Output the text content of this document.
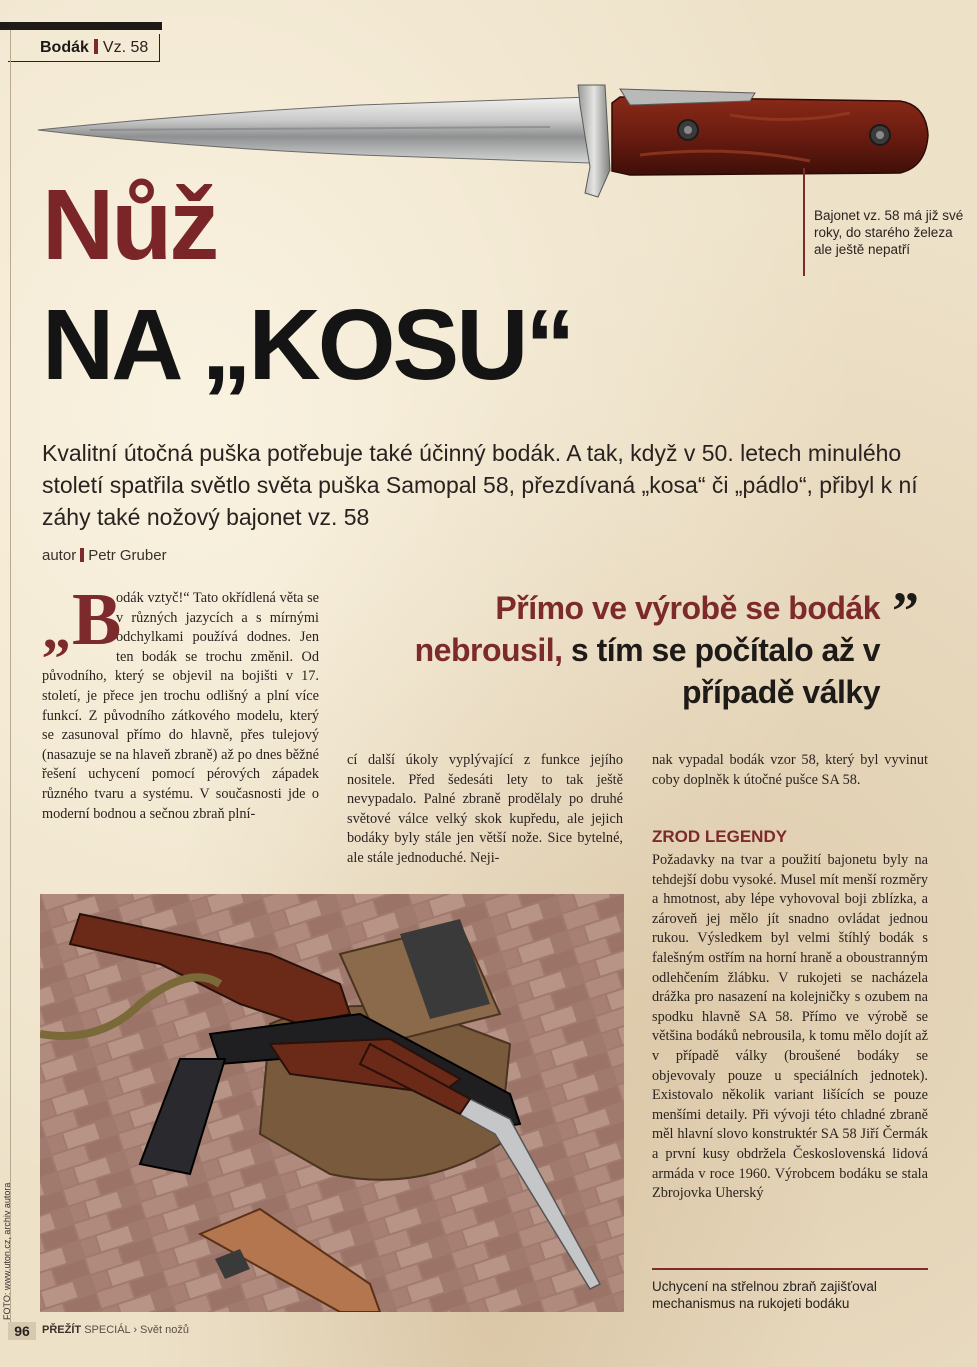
Bodák Vz. 58
Bajonet vz. 58 má již své roky, do starého železa ale ještě nepatří
Nůž
NA „KOSU“
Kvalitní útočná puška potřebuje také účinný bodák. A tak, když v 50. letech minulého století spatřila světlo světa puška Samopal 58, přezdívaná „kosa“ či „pádlo“, přibyl k ní záhy také nožový bajonet vz. 58
autor Petr Gruber
„ B

odák vztyč!“ Tato okřídlená věta se v různých jazycích a s mírnými odchylkami používá dodnes. Jen ten bodák se trochu změnil. Od původního, který se objevil na bojišti v 17. století, je přece jen trochu odlišný a plní více funkcí. Z původního zátkového modelu, který se zasunoval přímo do hlavně, přes tulejový (nasazuje se na hlaveň zbraně) až po dnes běžné řešení uchycení pomocí pérových západek různého tvaru a systému. V současnosti jde o moderní bodnou a sečnou zbraň plní-

Přímo ve výrobě se bodák
nebrousil, s tím se počítalo až v případě války
”

cí další úkoly vyplývající z funkce jejího nositele. Před šedesáti lety to tak ještě nevypadalo. Palné zbraně prodělaly po druhé světové válce velký skok kupředu, ale jejich bodáky byly stále jen větší nože. Sice bytelné, ale stále jednoduché. Neji-

nak vypadal bodák vzor 58, který byl vyvinut coby doplněk k útočné pušce SA 58.

ZROD LEGENDY

Požadavky na tvar a použití bajonetu byly na tehdejší dobu vysoké. Musel mít menší rozměry a hmotnost, aby lépe vyhovoval boji zblízka, a zároveň jej mělo jít snadno ovládat jednou rukou. Výsledkem byl velmi štíhlý bodák s falešným ostřím na horní hraně a oboustranným odlehčením žlábku. V rukojeti se nacházela drážka pro nasazení na kolejničky s ozubem na spodku hlavně SA 58. Přímo ve výrobě se většina bodáků nebrousila, k tomu mělo dojít až v případě války (broušené bodáky se objevovaly pouze u speciálních jednotek). Existovalo několik variant lišících se pouze menšími detaily. Při vývoji této chladné zbraně měl hlavní slovo konstruktér SA 58 Jiří Čermák a první kusy obdržela Československá lidová armáda v roce 1960. Výrobcem bodáku se stala Zbrojovka Uherský

Uchycení na střelnou zbraň zajišťoval mechanismus na rukojeti bodáku
FOTO: www.uton.cz, archiv autora
96	PŘEŽÍT SPECIÁL › Svět nožů
